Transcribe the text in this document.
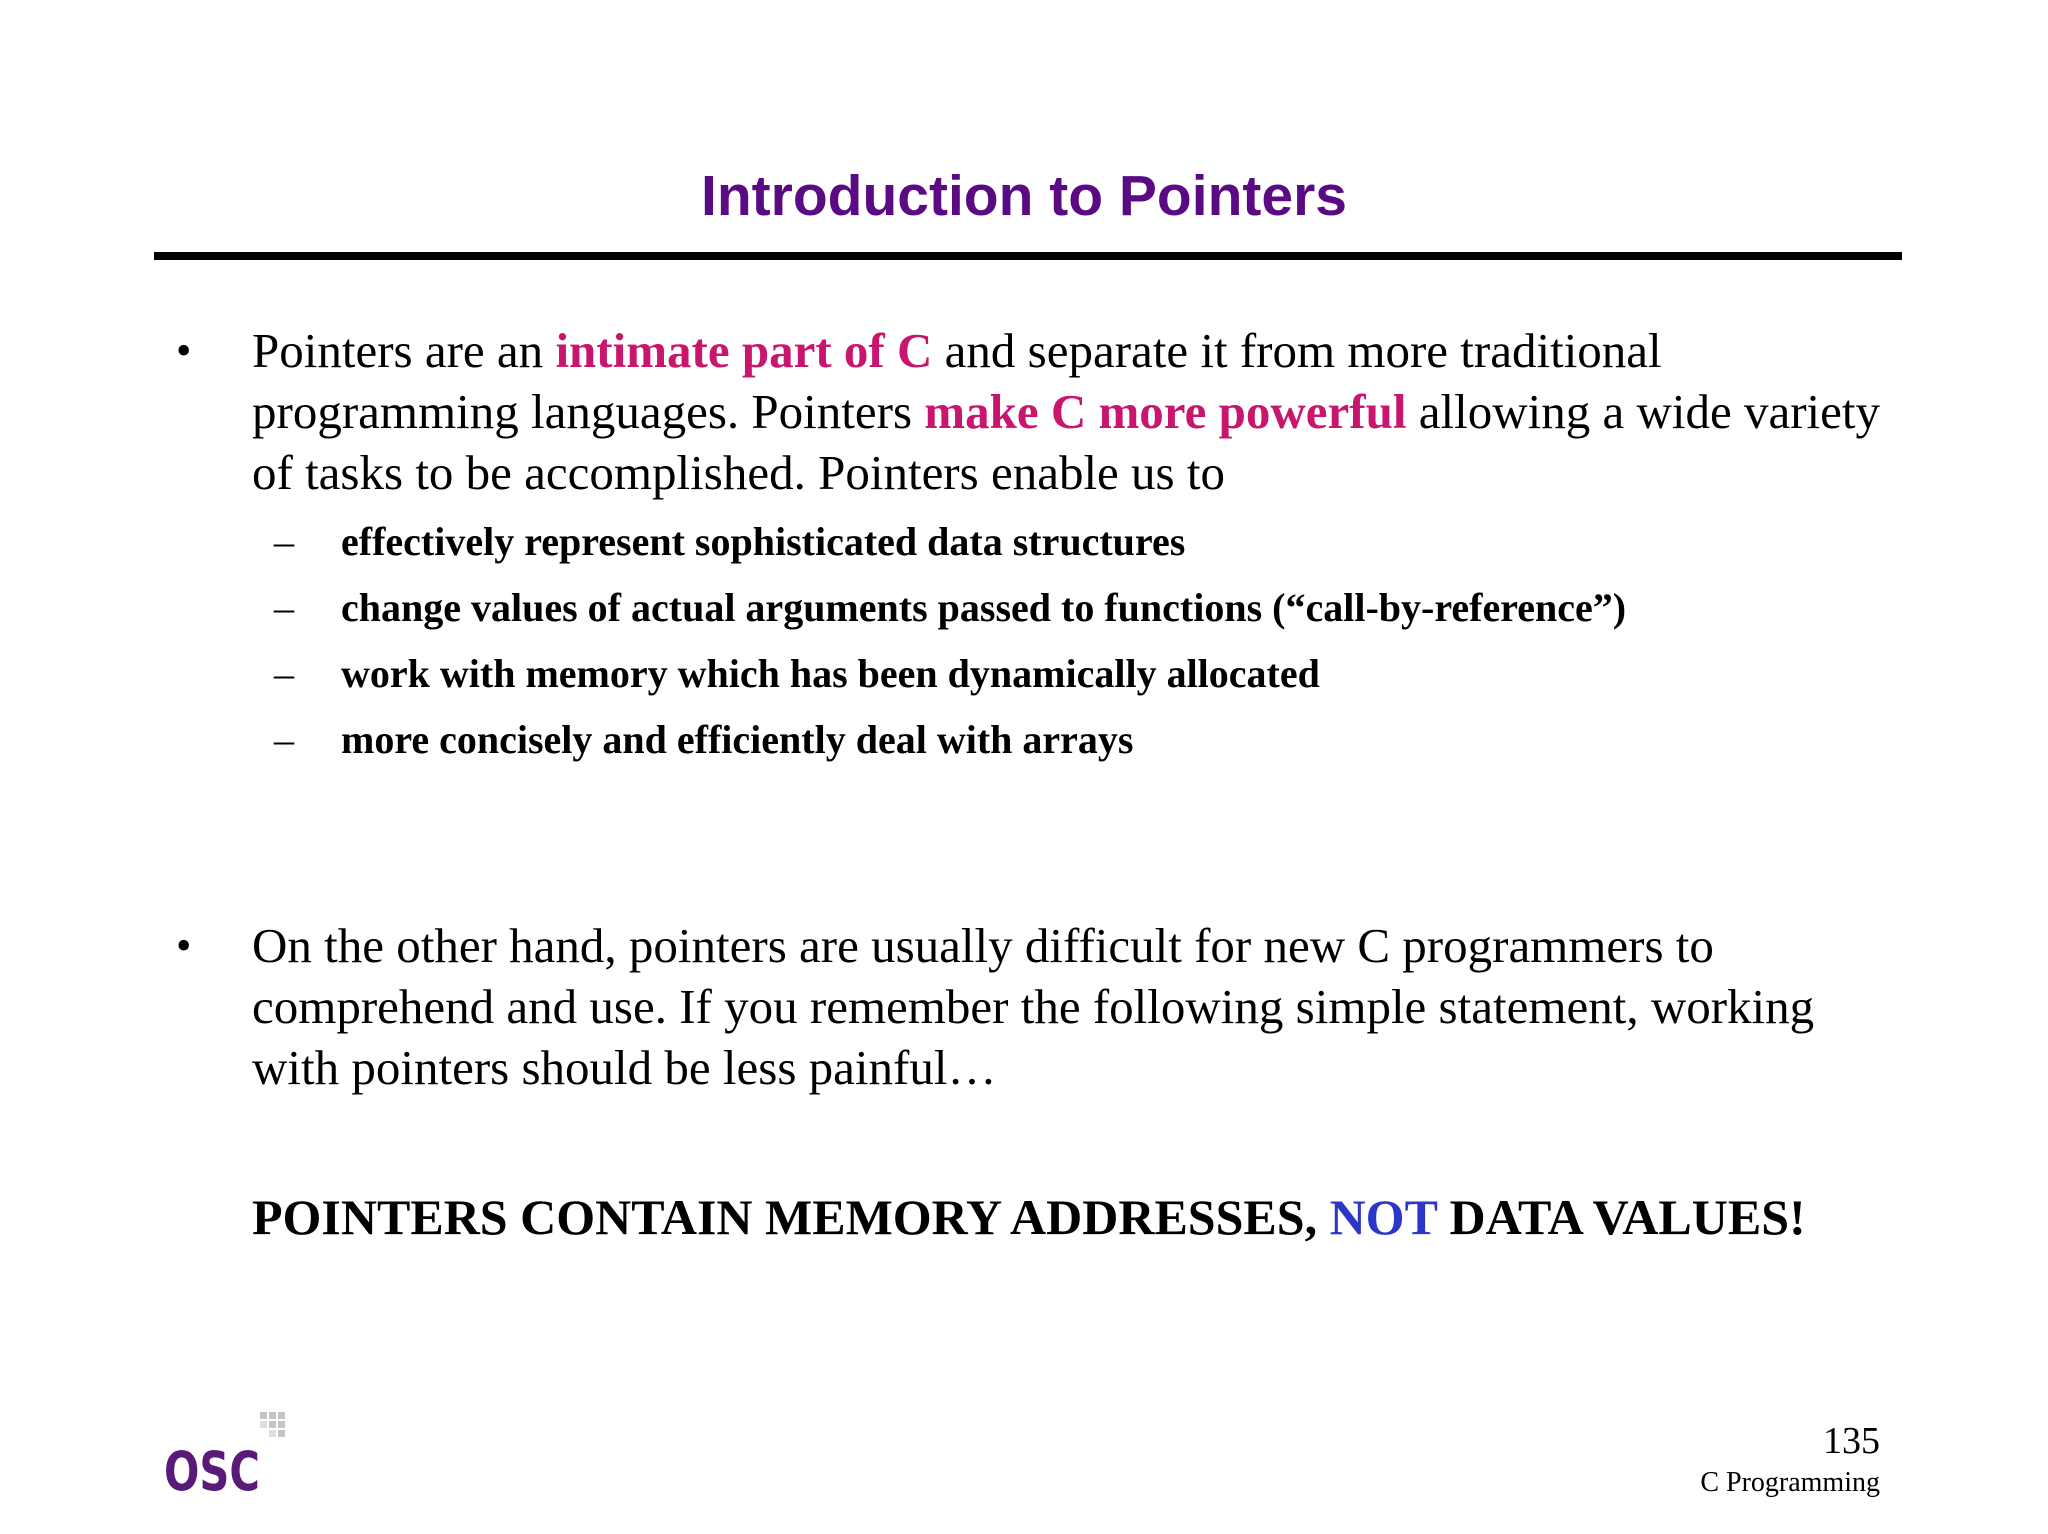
Introduction to Pointers
• Pointers are an intimate part of C and separate it from more traditional programming languages. Pointers make C more powerful allowing a wide variety of tasks to be accomplished. Pointers enable us to

– effectively represent sophisticated data structures
– change values of actual arguments passed to functions (“call-by-reference”)
– work with memory which has been dynamically allocated
– more concisely and efficiently deal with arrays
• On the other hand, pointers are usually difficult for new C programmers to comprehend and use. If you remember the following simple statement, working with pointers should be less painful…

POINTERS CONTAIN MEMORY ADDRESSES, NOT DATA VALUES!
OSC	135
C Programming
